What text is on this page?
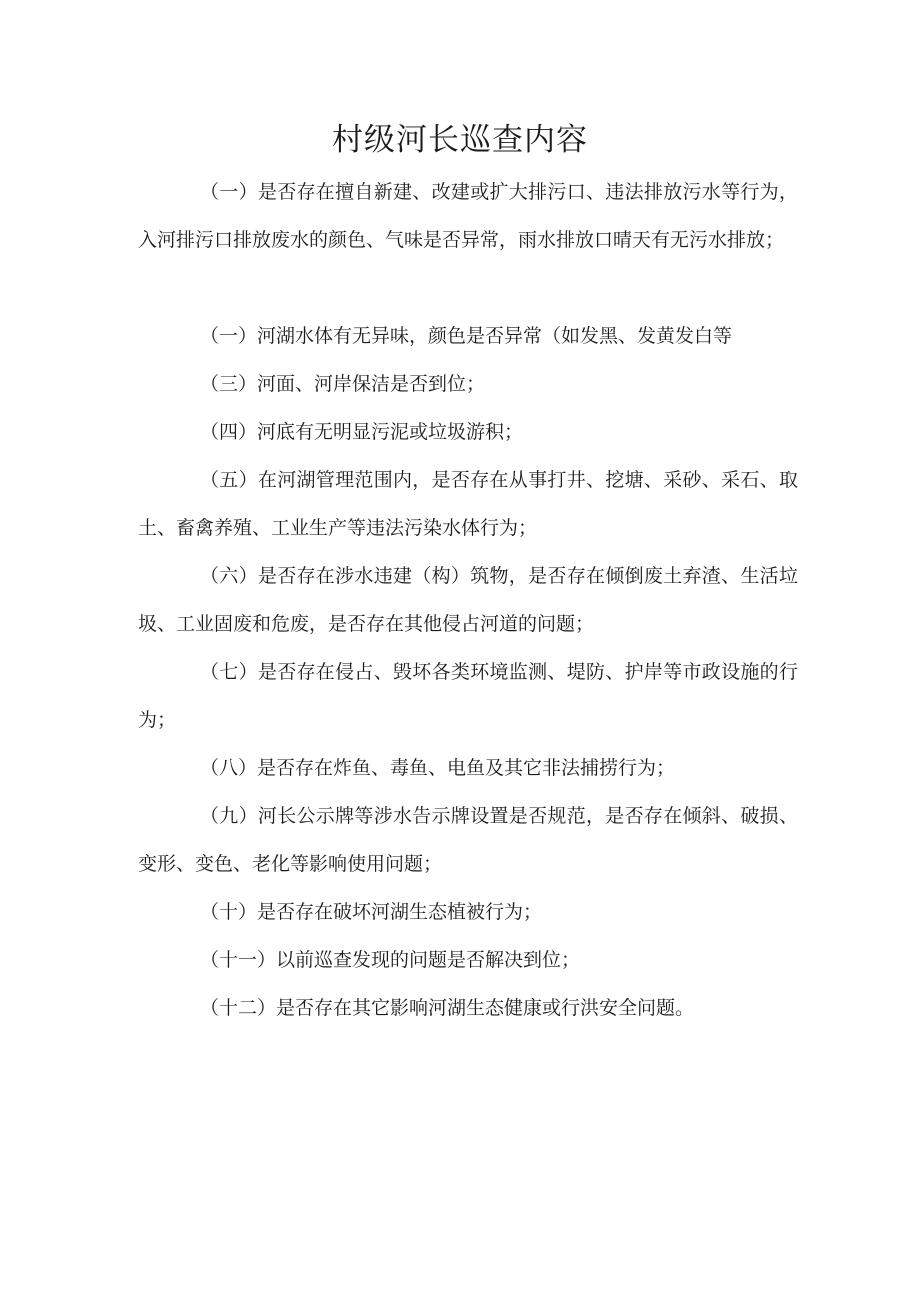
村级河长巡查内容

（一）是否存在擅自新建、改建或扩大排污口、违法排放污水等行为，入河排污口排放废水的颜色、气味是否异常，雨水排放口晴天有无污水排放；

（一）河湖水体有无异味，颜色是否异常（如发黑、发黄发白等

（三）河面、河岸保洁是否到位；

（四）河底有无明显污泥或垃圾游积；

（五）在河湖管理范围内，是否存在从事打井、挖塘、采砂、采石、取土、畜禽养殖、工业生产等违法污染水体行为；

（六）是否存在涉水违建（构）筑物，是否存在倾倒废土弃渣、生活垃圾、工业固废和危废，是否存在其他侵占河道的问题；

（七）是否存在侵占、毁坏各类环境监测、堤防、护岸等市政设施的行为；

（八）是否存在炸鱼、毒鱼、电鱼及其它非法捕捞行为；

（九）河长公示牌等涉水告示牌设置是否规范，是否存在倾斜、破损、变形、变色、老化等影响使用问题；

（十）是否存在破坏河湖生态植被行为；

（十一）以前巡查发现的问题是否解决到位；

（十二）是否存在其它影响河湖生态健康或行洪安全问题。
